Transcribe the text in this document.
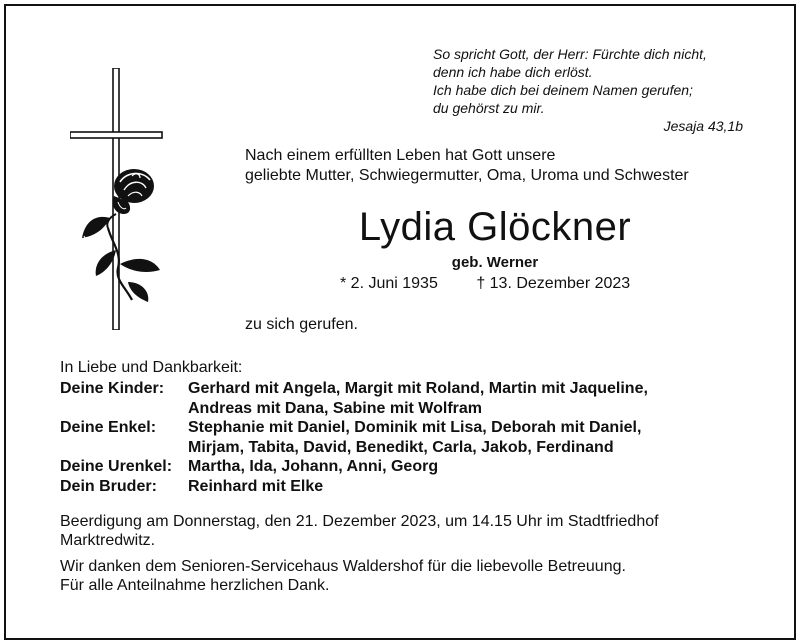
So spricht Gott, der Herr: Fürchte dich nicht,
denn ich habe dich erlöst.
Ich habe dich bei deinem Namen gerufen;
du gehörst zu mir.
Jesaja 43,1b
Nach einem erfüllten Leben hat Gott unsere
geliebte Mutter, Schwiegermutter, Oma, Uroma und Schwester
Lydia Glöckner
geb. Werner
* 2. Juni 1935 † 13. Dezember 2023
zu sich gerufen.
In Liebe und Dankbarkeit:
Deine Kinder:	Gerhard mit Angela, Margit mit Roland, Martin mit Jaqueline,
	Andreas mit Dana, Sabine mit Wolfram
Deine Enkel:	Stephanie mit Daniel, Dominik mit Lisa, Deborah mit Daniel,
	Mirjam, Tabita, David, Benedikt, Carla, Jakob, Ferdinand
Deine Urenkel:	Martha, Ida, Johann, Anni, Georg
Dein Bruder:	Reinhard mit Elke
Beerdigung am Donnerstag, den 21. Dezember 2023, um 14.15 Uhr im Stadtfriedhof
Marktredwitz.
Wir danken dem Senioren-Servicehaus Waldershof für die liebevolle Betreuung.
Für alle Anteilnahme herzlichen Dank.
